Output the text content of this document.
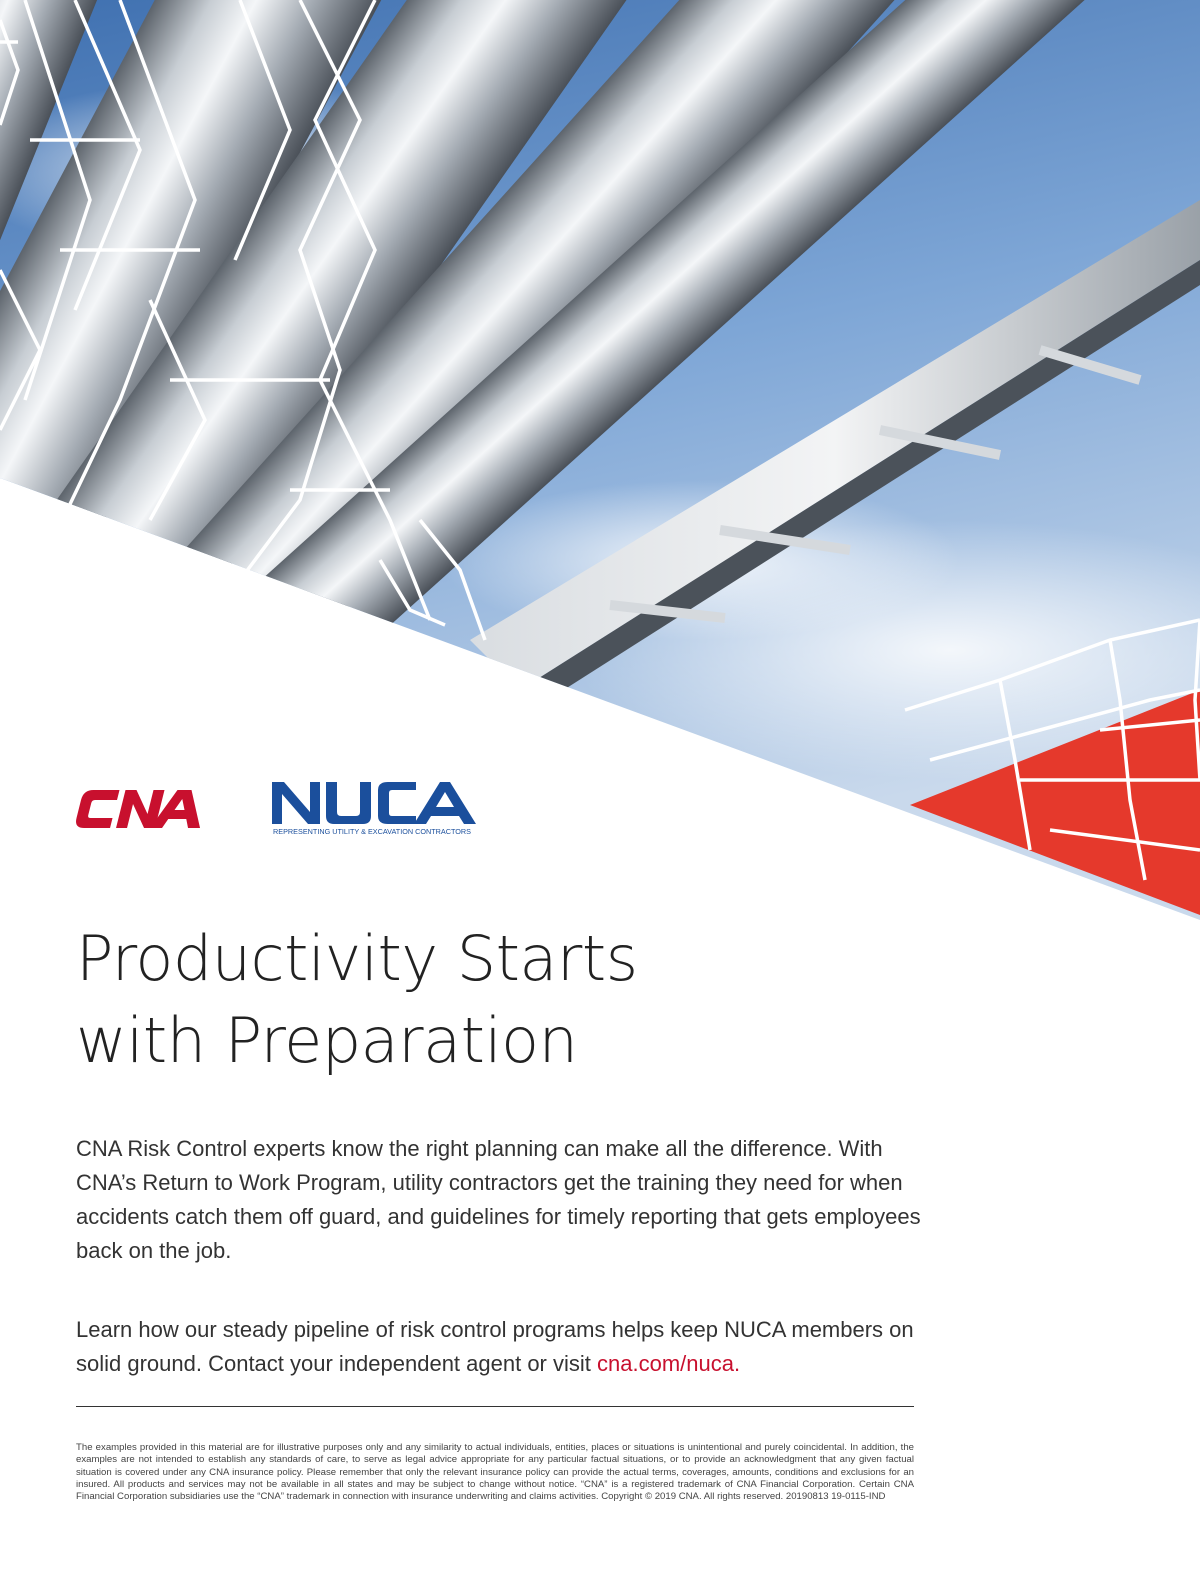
REPRESENTING UTILITY & EXCAVATION CONTRACTORS
Productivity Starts
with Preparation

CNA Risk Control experts know the right planning can make all the difference. With CNA’s Return to Work Program, utility contractors get the training they need for when accidents catch them off guard, and guidelines for timely reporting that gets employees back on the job.

Learn how our steady pipeline of risk control programs helps keep NUCA members on solid ground. Contact your independent agent or visit cna.com/nuca.

The examples provided in this material are for illustrative purposes only and any similarity to actual individuals, entities, places or situations is unintentional and purely coincidental. In addition, the examples are not intended to establish any standards of care, to serve as legal advice appropriate for any particular factual situations, or to provide an acknowledgment that any given factual situation is covered under any CNA insurance policy. Please remember that only the relevant insurance policy can provide the actual terms, coverages, amounts, conditions and exclusions for an insured. All products and services may not be available in all states and may be subject to change without notice. “CNA” is a registered trademark of CNA Financial Corporation. Certain CNA Financial Corporation subsidiaries use the “CNA” trademark in connection with insurance underwriting and claims activities. Copyright © 2019 CNA. All rights reserved. 20190813 19-0115-IND
